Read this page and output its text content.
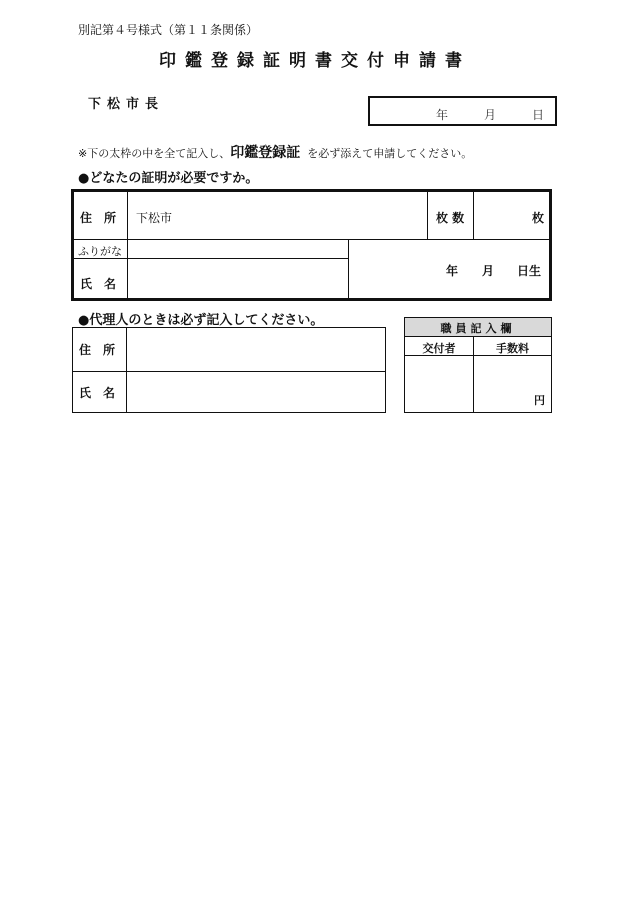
別記第４号様式（第１１条関係）
印鑑登録証明書交付申請書
下松市長
年	月	日
※下の太枠の中を全て記入し、印鑑登録証 を必ず添えて申請してください。
●どなたの証明が必要ですか。
住　所 下松市	枚 数	枚
ふりがな
氏　名
年 月 日生
●代理人のときは必ず記入してください。
住　所
氏　名
職員記入欄
交付者	手数料
円
